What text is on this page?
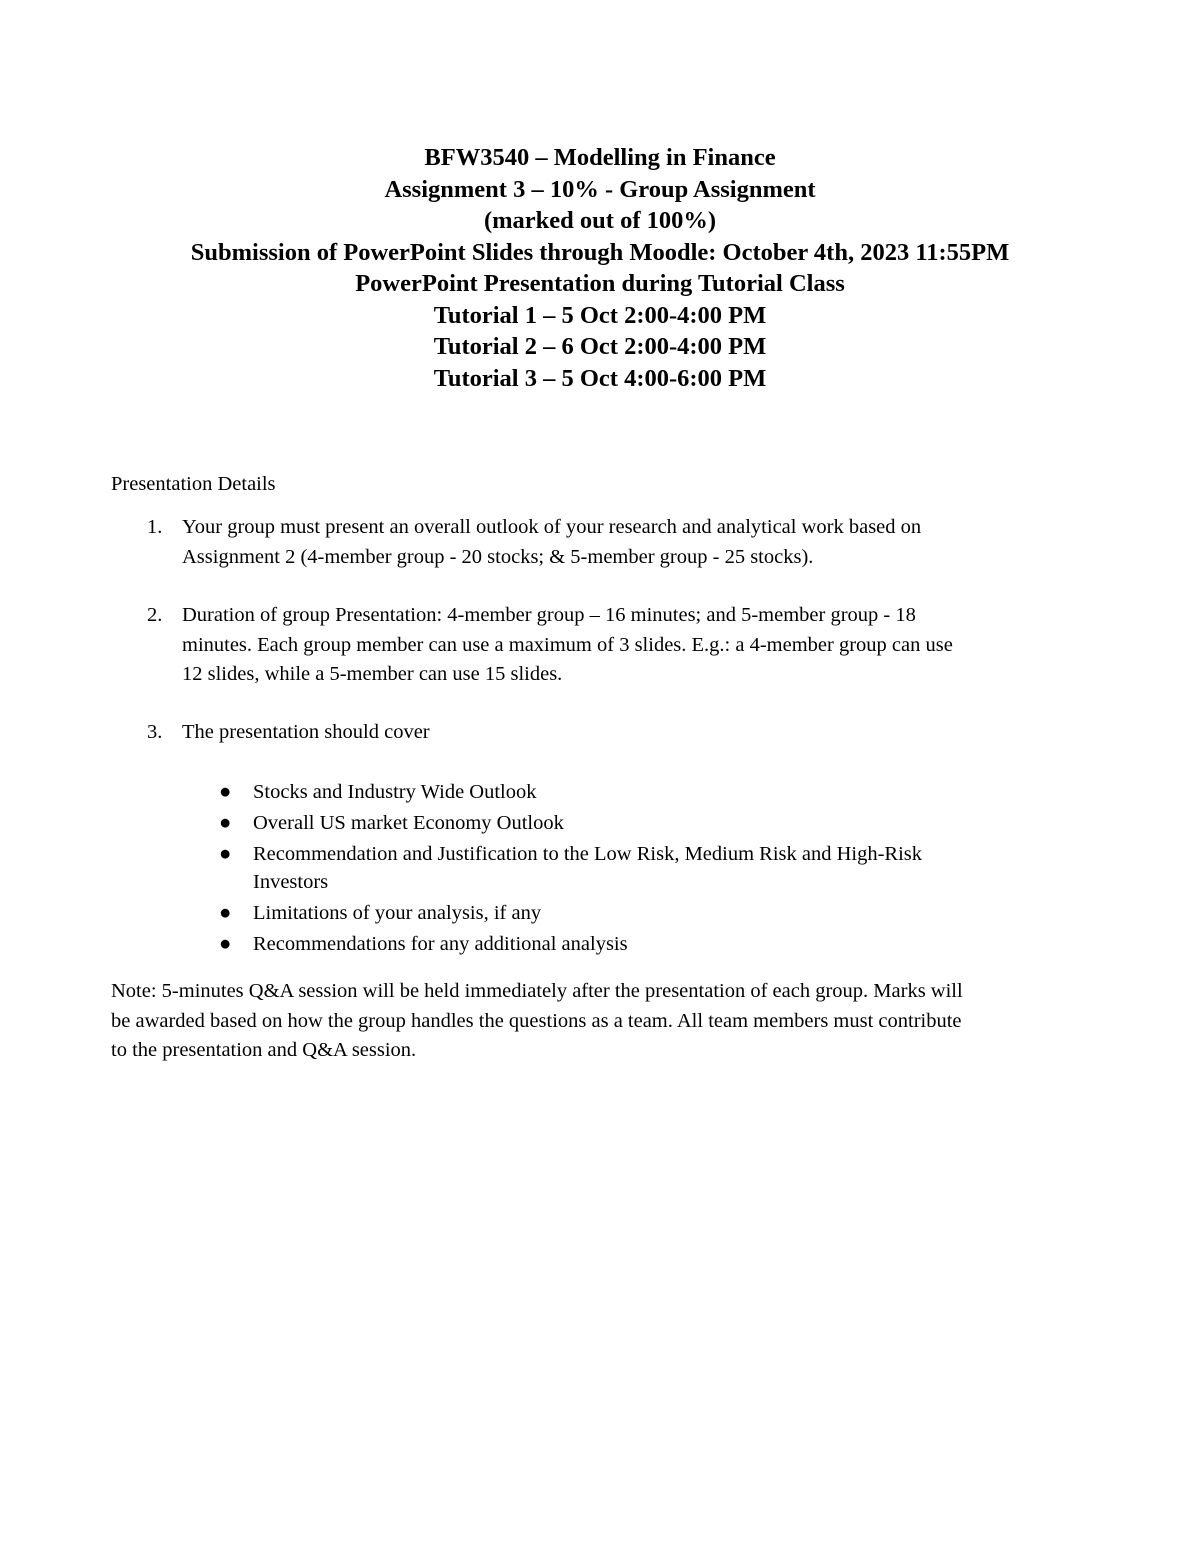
BFW3540 – Modelling in Finance
Assignment 3 – 10% - Group Assignment
(marked out of 100%)
Submission of PowerPoint Slides through Moodle: October 4th, 2023 11:55PM
PowerPoint Presentation during Tutorial Class
Tutorial 1 – 5 Oct 2:00-4:00 PM
Tutorial 2 – 6 Oct 2:00-4:00 PM
Tutorial 3 – 5 Oct 4:00-6:00 PM
Presentation Details
1. Your group must present an overall outlook of your research and analytical work based on
Assignment 2 (4-member group - 20 stocks; & 5-member group - 25 stocks).
2. Duration of group Presentation: 4-member group – 16 minutes; and 5-member group - 18
minutes. Each group member can use a maximum of 3 slides. E.g.: a 4-member group can use
12 slides, while a 5-member can use 15 slides.
3. The presentation should cover
● Stocks and Industry Wide Outlook
● Overall US market Economy Outlook
● Recommendation and Justification to the Low Risk, Medium Risk and High-Risk
Investors
● Limitations of your analysis, if any
● Recommendations for any additional analysis
Note: 5-minutes Q&A session will be held immediately after the presentation of each group. Marks will
be awarded based on how the group handles the questions as a team. All team members must contribute
to the presentation and Q&A session.
